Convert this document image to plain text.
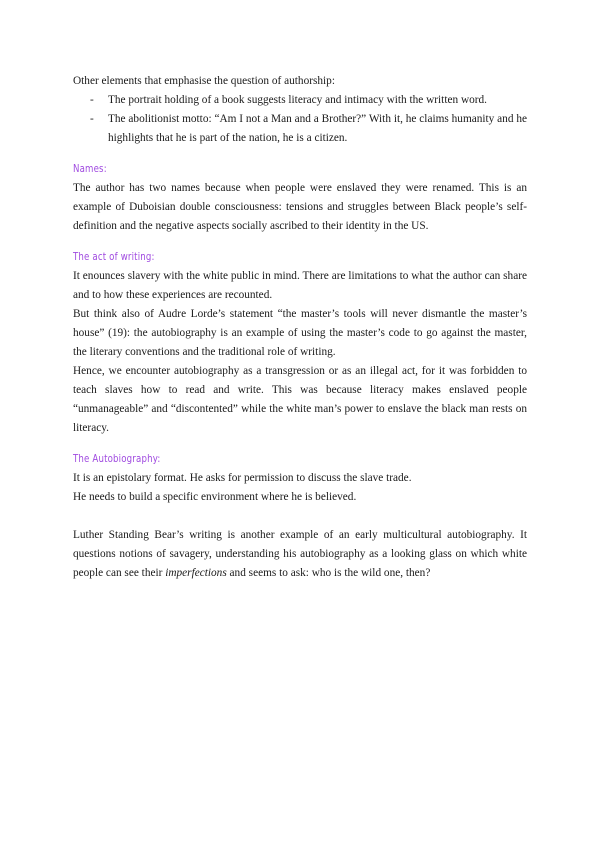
Other elements that emphasise the question of authorship:

- The portrait holding of a book suggests literacy and intimacy with the written word.
- The abolitionist motto: “Am I not a Man and a Brother?” With it, he claims humanity and he highlights that he is part of the nation, he is a citizen.
Names:

The author has two names because when people were enslaved they were renamed. This is an example of Duboisian double consciousness: tensions and struggles between Black people’s self-definition and the negative aspects socially ascribed to their identity in the US.

The act of writing:

It enounces slavery with the white public in mind. There are limitations to what the author can share and to how these experiences are recounted.

But think also of Audre Lorde’s statement “the master’s tools will never dismantle the master’s house” (19): the autobiography is an example of using the master’s code to go against the master, the literary conventions and the traditional role of writing.

Hence, we encounter autobiography as a transgression or as an illegal act, for it was forbidden to teach slaves how to read and write. This was because literacy makes enslaved people “unmanageable” and “discontented” while the white man’s power to enslave the black man rests on literacy.

The Autobiography:

It is an epistolary format. He asks for permission to discuss the slave trade.

He needs to build a specific environment where he is believed.

Luther Standing Bear’s writing is another example of an early multicultural autobiography. It questions notions of savagery, understanding his autobiography as a looking glass on which white people can see their imperfections and seems to ask: who is the wild one, then?
